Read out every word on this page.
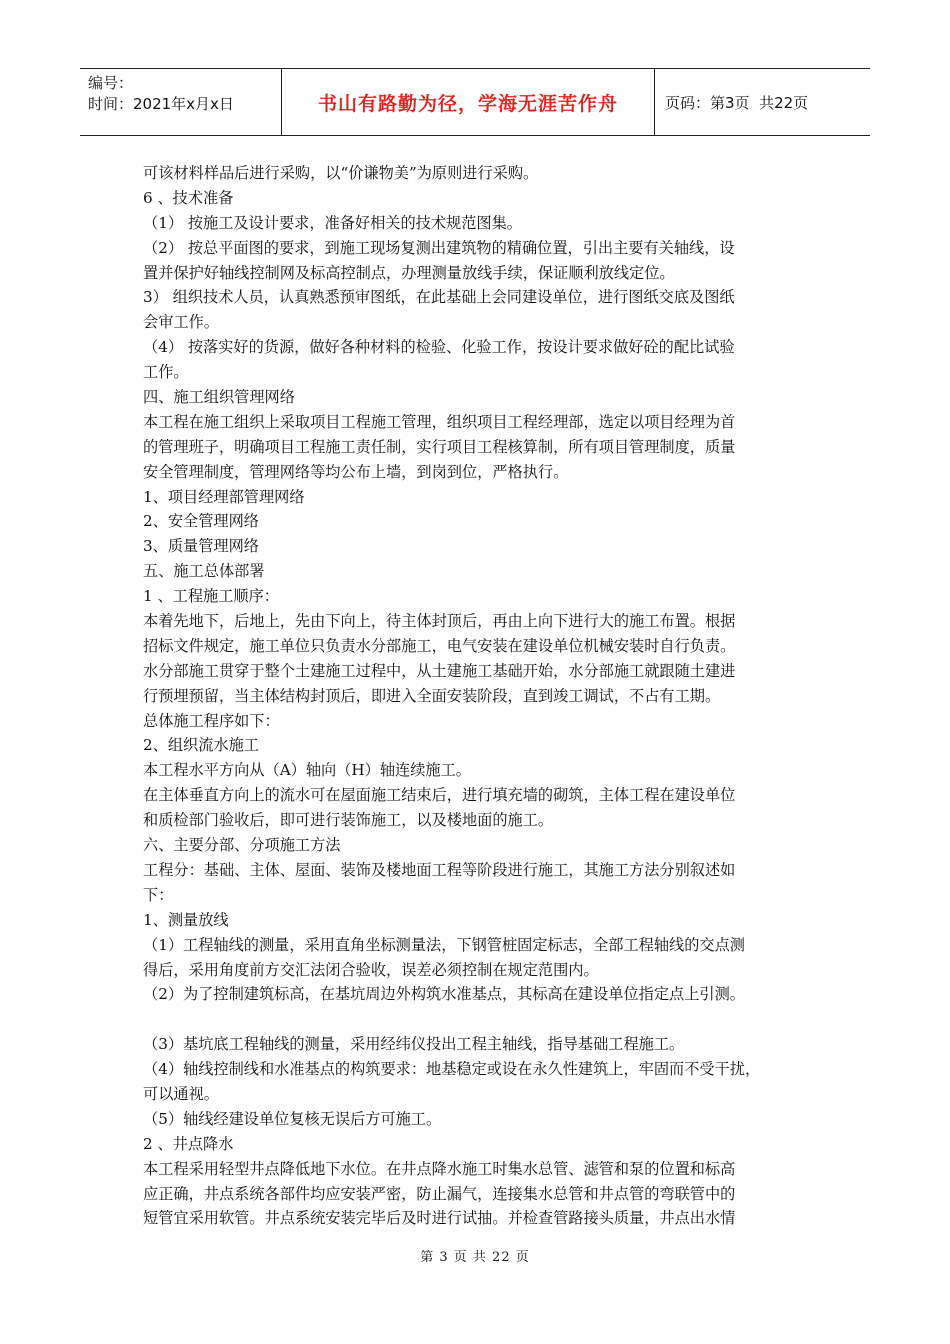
编号：
时间：2021年x月x日	书山有路勤为径，学海无涯苦作舟	页码：第3页  共22页
可该材料样品后进行采购，以“价谦物美”为原则进行采购。
6 、技术准备
（1） 按施工及设计要求，准备好相关的技术规范图集。
（2） 按总平面图的要求，到施工现场复测出建筑物的精确位置，引出主要有关轴线，设
置并保护好轴线控制网及标高控制点，办理测量放线手续，保证顺利放线定位。
3） 组织技术人员，认真熟悉预审图纸，在此基础上会同建设单位，进行图纸交底及图纸
会审工作。
（4） 按落实好的货源，做好各种材料的检验、化验工作，按设计要求做好砼的配比试验
工作。
四、施工组织管理网络
本工程在施工组织上采取项目工程施工管理，组织项目工程经理部，选定以项目经理为首
的管理班子，明确项目工程施工责任制，实行项目工程核算制，所有项目管理制度，质量
安全管理制度，管理网络等均公布上墙，到岗到位，严格执行。
1、项目经理部管理网络
2、安全管理网络
3、质量管理网络
五、施工总体部署
1 、工程施工顺序：
本着先地下，后地上，先由下向上，待主体封顶后，再由上向下进行大的施工布置。根据
招标文件规定，施工单位只负责水分部施工，电气安装在建设单位机械安装时自行负责。
水分部施工贯穿于整个土建施工过程中，从土建施工基础开始，水分部施工就跟随土建进
行预埋预留，当主体结构封顶后，即进入全面安装阶段，直到竣工调试，不占有工期。
总体施工程序如下：
2、组织流水施工
本工程水平方向从（A）轴向（H）轴连续施工。
在主体垂直方向上的流水可在屋面施工结束后，进行填充墙的砌筑，主体工程在建设单位
和质检部门验收后，即可进行装饰施工，以及楼地面的施工。
六、主要分部、分项施工方法
工程分：基础、主体、屋面、装饰及楼地面工程等阶段进行施工，其施工方法分别叙述如
下：
1、测量放线
（1）工程轴线的测量，采用直角坐标测量法，下钢管桩固定标志，全部工程轴线的交点测
得后，采用角度前方交汇法闭合验收，误差必须控制在规定范围内。
（2）为了控制建筑标高，在基坑周边外构筑水准基点，其标高在建设单位指定点上引测。
（3）基坑底工程轴线的测量，采用经纬仪投出工程主轴线，指导基础工程施工。
（4）轴线控制线和水准基点的构筑要求：地基稳定或设在永久性建筑上，牢固而不受干扰，
可以通视。
（5）轴线经建设单位复核无误后方可施工。
2 、井点降水
本工程采用轻型井点降低地下水位。在井点降水施工时集水总管、滤管和泵的位置和标高
应正确，井点系统各部件均应安装严密，防止漏气，连接集水总管和井点管的弯联管中的
短管宜采用软管。井点系统安装完毕后及时进行试抽。并检查管路接头质量，井点出水情
第 3 页 共 22 页
